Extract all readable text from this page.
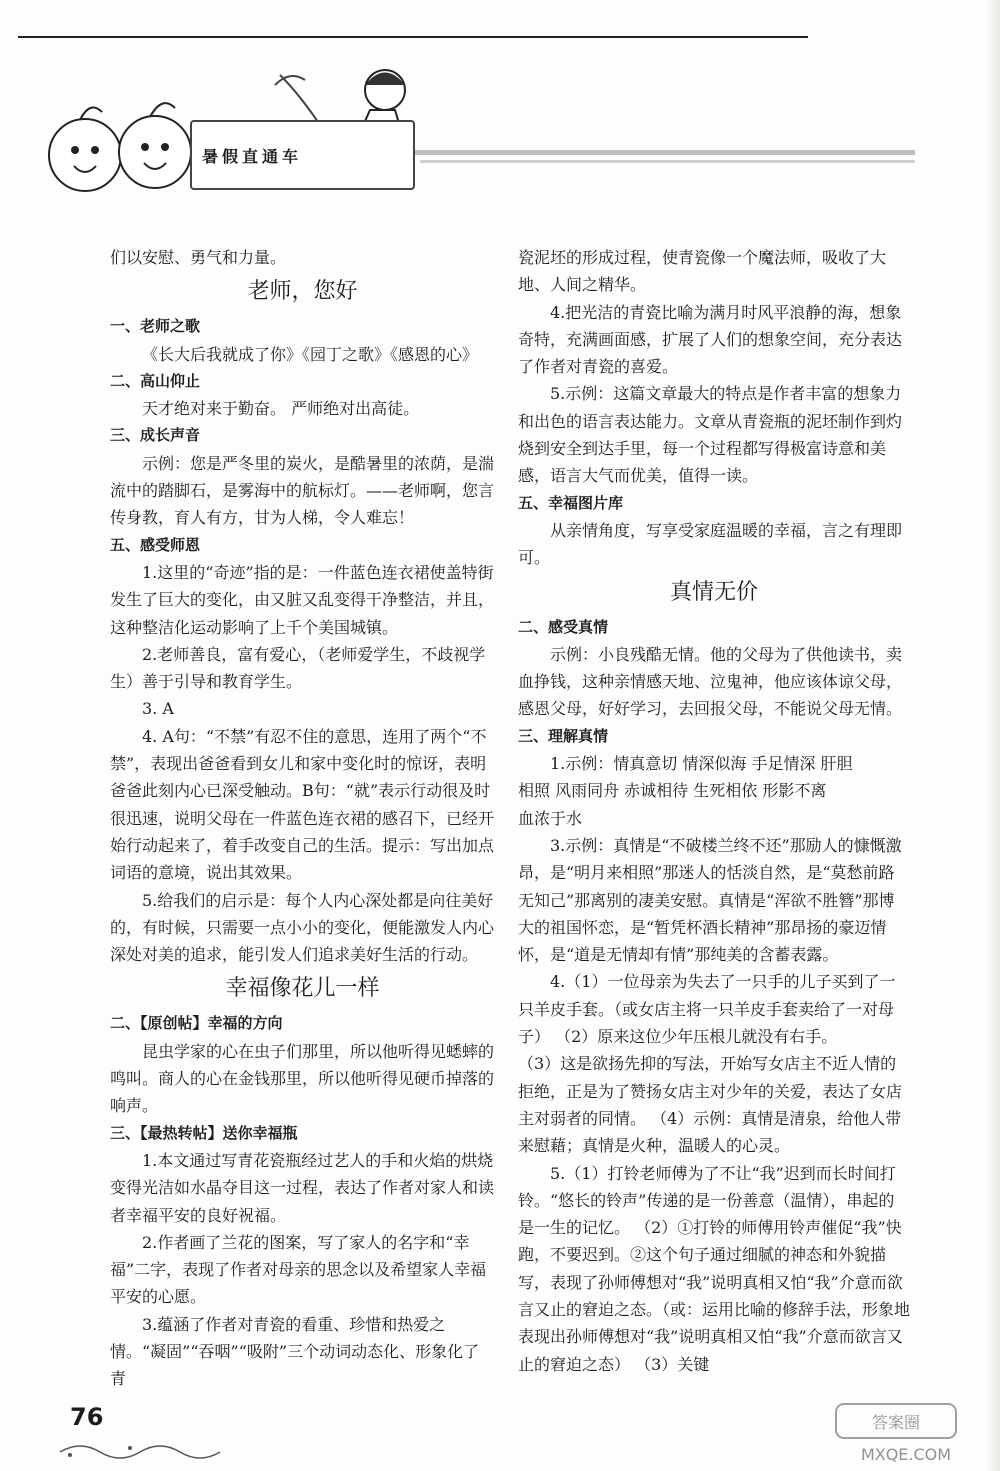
暑假直通车

们以安慰、勇气和力量。

老师，您好

一、老师之歌

《长大后我就成了你》《园丁之歌》《感恩的心》

二、高山仰止

天才绝对来于勤奋。 严师绝对出高徒。

三、成长声音

示例：您是严冬里的炭火，是酷暑里的浓荫，是湍流中的踏脚石，是雾海中的航标灯。——老师啊，您言传身教，育人有方，甘为人梯，令人难忘！

五、感受师恩

1.这里的“奇迹”指的是：一件蓝色连衣裙使盖特街发生了巨大的变化，由又脏又乱变得干净整洁，并且，这种整洁化运动影响了上千个美国城镇。

2.老师善良，富有爱心，（老师爱学生，不歧视学生）善于引导和教育学生。

3. A

4. A句：“不禁”有忍不住的意思，连用了两个“不禁”，表现出爸爸看到女儿和家中变化时的惊讶，表明爸爸此刻内心已深受触动。B句：“就”表示行动很及时很迅速，说明父母在一件蓝色连衣裙的感召下，已经开始行动起来了，着手改变自己的生活。提示：写出加点词语的意境，说出其效果。

5.给我们的启示是：每个人内心深处都是向往美好的，有时候，只需要一点小小的变化，便能激发人内心深处对美的追求，能引发人们追求美好生活的行动。

幸福像花儿一样

二、【原创帖】幸福的方向

昆虫学家的心在虫子们那里，所以他听得见蟋蟀的鸣叫。商人的心在金钱那里，所以他听得见硬币掉落的响声。

三、【最热转帖】送你幸福瓶

1.本文通过写青花瓷瓶经过艺人的手和火焰的烘烧变得光洁如水晶夺目这一过程，表达了作者对家人和读者幸福平安的良好祝福。

2.作者画了兰花的图案，写了家人的名字和“幸福”二字，表现了作者对母亲的思念以及希望家人幸福平安的心愿。

3.蕴涵了作者对青瓷的看重、珍惜和热爱之情。“凝固”“吞咽”“吸附”三个动词动态化、形象化了青

瓷泥坯的形成过程，使青瓷像一个魔法师，吸收了大地、人间之精华。

4.把光洁的青瓷比喻为满月时风平浪静的海，想象奇特，充满画面感，扩展了人们的想象空间，充分表达了作者对青瓷的喜爱。

5.示例：这篇文章最大的特点是作者丰富的想象力和出色的语言表达能力。文章从青瓷瓶的泥坯制作到灼烧到安全到达手里，每一个过程都写得极富诗意和美感，语言大气而优美，值得一读。

五、幸福图片库

从亲情角度，写享受家庭温暖的幸福，言之有理即可。

真情无价

二、感受真情

示例：小良残酷无情。他的父母为了供他读书，卖血挣钱，这种亲情感天地、泣鬼神，他应该体谅父母，感恩父母，好好学习，去回报父母，不能说父母无情。

三、理解真情

1.示例：情真意切 情深似海 手足情深 肝胆

相照 风雨同舟 赤诚相待 生死相依 形影不离

血浓于水

3.示例：真情是“不破楼兰终不还”那励人的慷慨激昂，是“明月来相照”那迷人的恬淡自然，是“莫愁前路无知己”那离别的凄美安慰。真情是“浑欲不胜簪”那博大的祖国怀恋，是“暂凭杯酒长精神”那昂扬的豪迈情怀，是“道是无情却有情”那纯美的含蓄表露。

4.（1）一位母亲为失去了一只手的儿子买到了一只羊皮手套。（或女店主将一只羊皮手套卖给了一对母子） （2）原来这位少年压根儿就没有右手。

（3）这是欲扬先抑的写法，开始写女店主不近人情的拒绝，正是为了赞扬女店主对少年的关爱，表达了女店主对弱者的同情。 （4）示例：真情是清泉，给他人带来慰藉；真情是火种，温暖人的心灵。

5.（1）打铃老师傅为了不让“我”迟到而长时间打铃。“悠长的铃声”传递的是一份善意（温情），串起的是一生的记忆。 （2）①打铃的师傅用铃声催促“我”快跑，不要迟到。②这个句子通过细腻的神态和外貌描写，表现了孙师傅想对“我”说明真相又怕“我”介意而欲言又止的窘迫之态。（或：运用比喻的修辞手法，形象地表现出孙师傅想对“我”说明真相又怕“我”介意而欲言又止的窘迫之态） （3）关键

76	答案圈
MXQE.COM
